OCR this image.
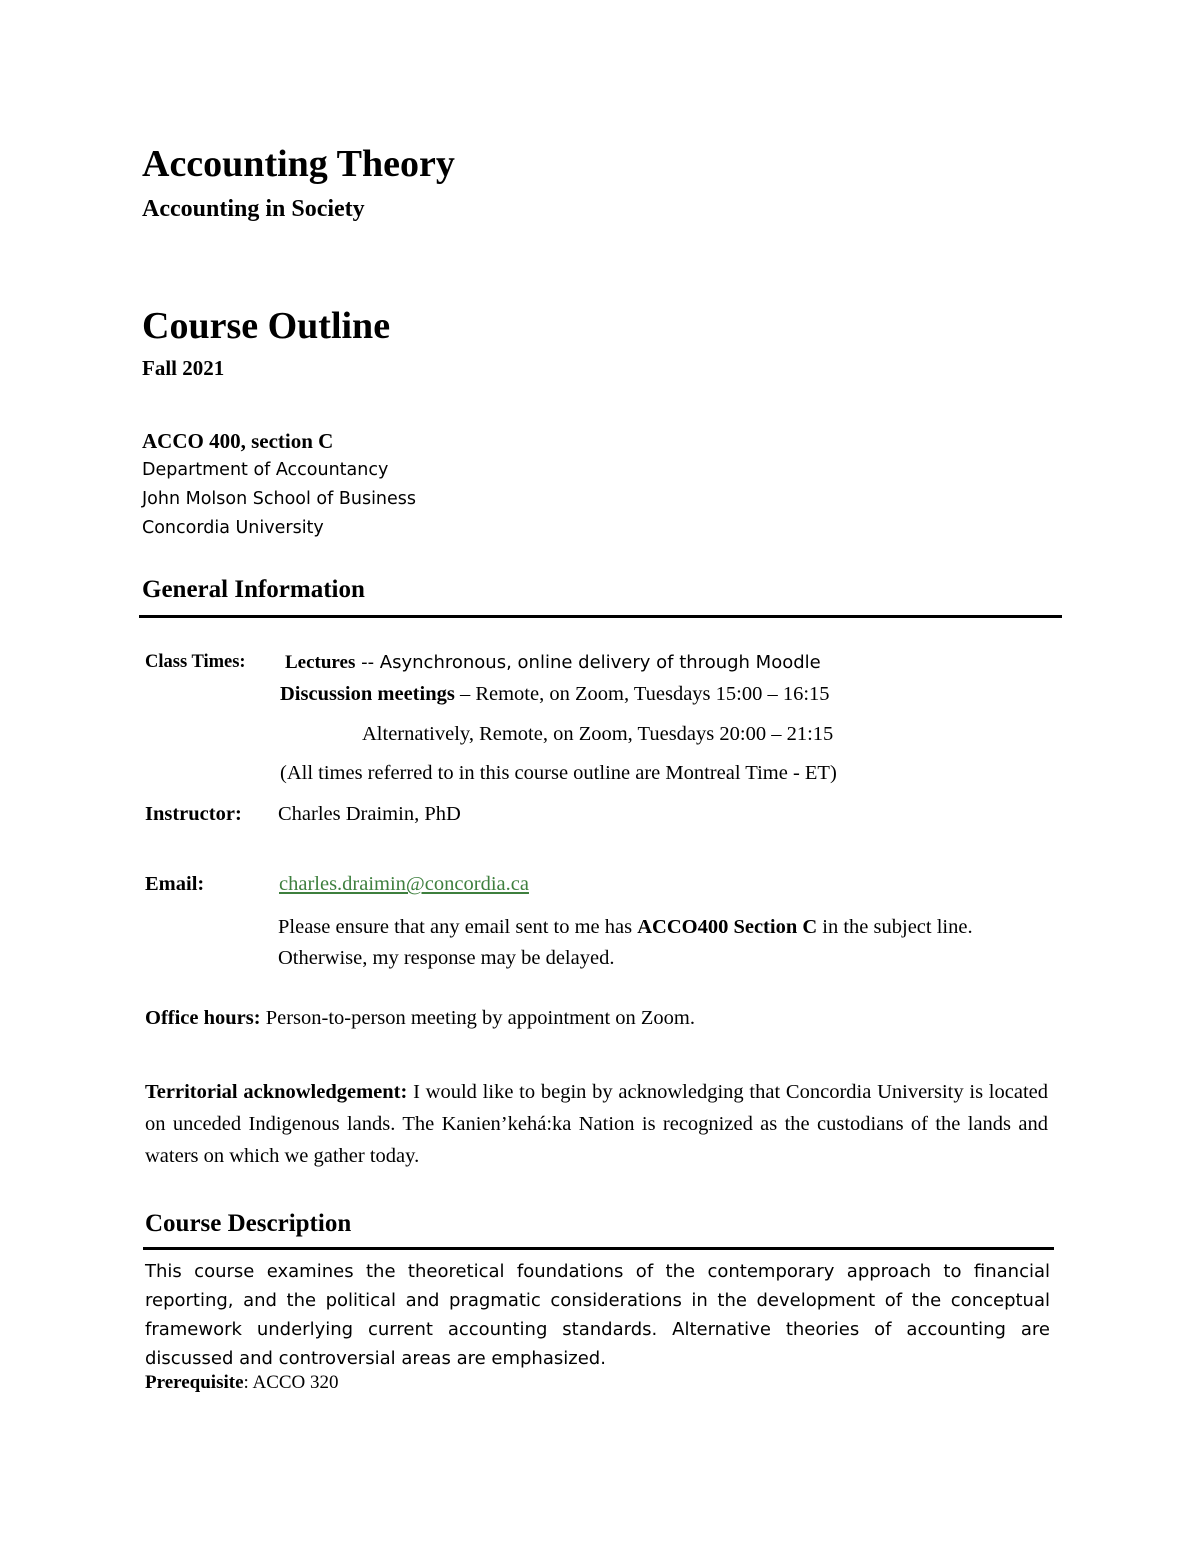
Accounting Theory
Accounting in Society
Course Outline
Fall 2021
ACCO 400, section C
Department of Accountancy
John Molson School of Business
Concordia University
General Information
Class Times: Lectures -- Asynchronous, online delivery of through Moodle
Discussion meetings – Remote, on Zoom, Tuesdays 15:00 – 16:15
Alternatively, Remote, on Zoom, Tuesdays 20:00 – 21:15
(All times referred to in this course outline are Montreal Time - ET)
Instructor: Charles Draimin, PhD
Email:	charles.draimin@concordia.ca
Please ensure that any email sent to me has ACCO400 Section C in the subject line. Otherwise, my response may be delayed.
Office hours: Person-to-person meeting by appointment on Zoom.
Territorial acknowledgement: I would like to begin by acknowledging that Concordia University is located on unceded Indigenous lands. The Kanien’kehá:ka Nation is recognized as the custodians of the lands and waters on which we gather today.
Course Description
This course examines the theoretical foundations of the contemporary approach to financial reporting, and the political and pragmatic considerations in the development of the conceptual framework underlying current accounting standards. Alternative theories of accounting are discussed and controversial areas are emphasized.
Prerequisite: ACCO 320
